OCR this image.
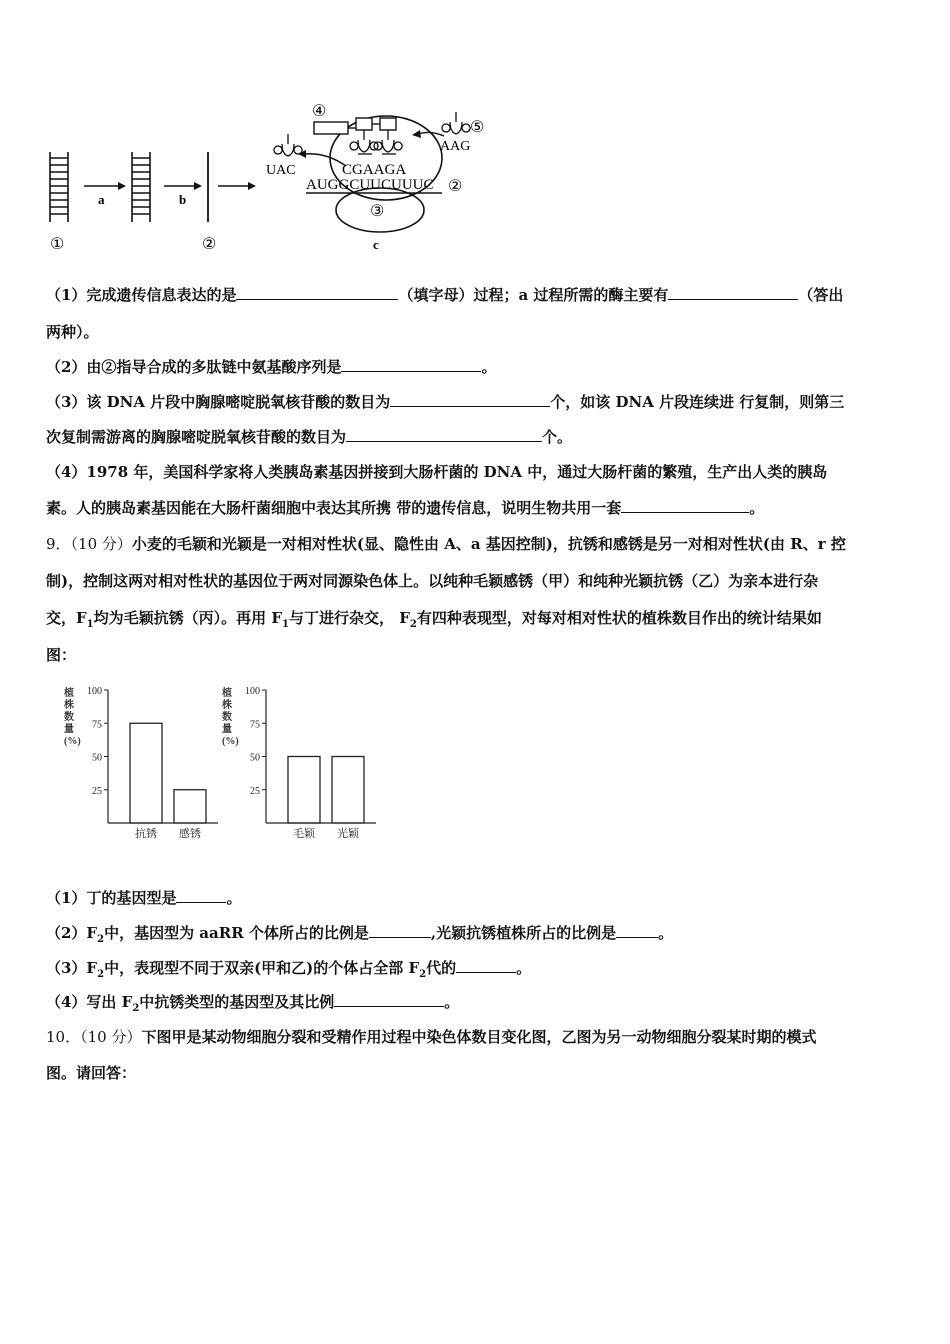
①
a	b
②
③
c
④
UAC
⑤
AAG
CGAAGA
AUGGCUUCUUUC ②
（1）完成遗传信息表达的是	（填字母）过程；a 过程所需的酶主要有	（答出
两种）。
（2）由②指导合成的多肽链中氨基酸序列是	。
（3）该 DNA 片段中胸腺嘧啶脱氧核苷酸的数目为	个，如该 DNA 片段连续进 行复制，则第三
次复制需游离的胸腺嘧啶脱氧核苷酸的数目为	个。
（4）1978 年，美国科学家将人类胰岛素基因拼接到大肠杆菌的 DNA 中，通过大肠杆菌的繁殖，生产出人类的胰岛
素。人的胰岛素基因能在大肠杆菌细胞中表达其所携 带的遗传信息，说明生物共用一套	。
9．（10 分）小麦的毛颖和光颖是一对相对性状(显、隐性由 A、a 基因控制)，抗锈和感锈是另一对相对性状(由 R、r 控
制)，控制这两对相对性状的基因位于两对同源染色体上。以纯种毛颖感锈（甲）和纯种光颖抗锈（乙）为亲本进行杂
交，$F_1$均为毛颖抗锈（丙）。再用 $F_1$与丁进行杂交， $F_2$有四种表现型，对每对相对性状的植株数目作出的统计结果如
图：
植
株
数
量
(%)
100
75
50
25
抗锈 感锈
植
株
数
量
(%)
100
75
50
25
毛颖 光颖
（1）丁的基因型是	。
$(2)F_2$中，基因型为 aaRR 个体所占的比例是	,光颖抗锈植株所占的比例是	。
$(3)F_2$中，表现型不同于双亲(甲和乙)的个体占全部 $F_2$代的	。
（4）写出 $F_2$中抗锈类型的基因型及其比例	。
10．（10 分）下图甲是某动物细胞分裂和受精作用过程中染色体数目变化图，乙图为另一动物细胞分裂某时期的模式
图。请回答：
